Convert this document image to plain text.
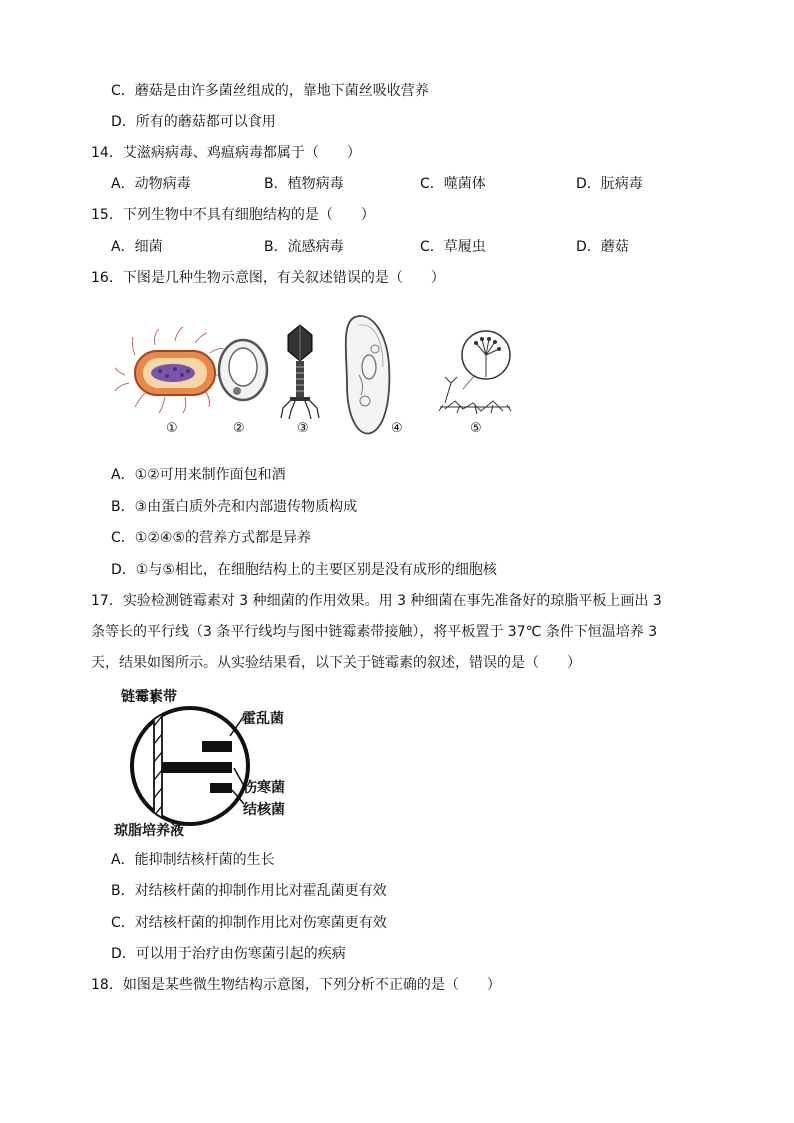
C．蘑菇是由许多菌丝组成的，靠地下菌丝吸收营养
D．所有的蘑菇都可以食用
14．艾滋病病毒、鸡瘟病毒都属于（　　）
A．动物病毒	B．植物病毒	C．噬菌体	D．朊病毒
15．下列生物中不具有细胞结构的是（　　）
A．细菌	B．流感病毒	C．草履虫	D．蘑菇
16．下图是几种生物示意图，有关叙述错误的是（　　）
①	②	③	④	⑤
A．①②可用来制作面包和酒
B．③由蛋白质外壳和内部遗传物质构成
C．①②④⑤的营养方式都是异养
D．①与⑤相比，在细胞结构上的主要区别是没有成形的细胞核
17．实验检测链霉素对 3 种细菌的作用效果。用 3 种细菌在事先准备好的琼脂平板上画出 3
条等长的平行线（3 条平行线均与图中链霉素带接触），将平板置于 37℃ 条件下恒温培养 3
天，结果如图所示。从实验结果看，以下关于链霉素的叙述，错误的是（　　）
链霉素带
霍乱菌
伤寒菌
结核菌
琼脂培养液
A．能抑制结核杆菌的生长
B．对结核杆菌的抑制作用比对霍乱菌更有效
C．对结核杆菌的抑制作用比对伤寒菌更有效
D．可以用于治疗由伤寒菌引起的疾病
18．如图是某些微生物结构示意图，下列分析不正确的是（　　）
